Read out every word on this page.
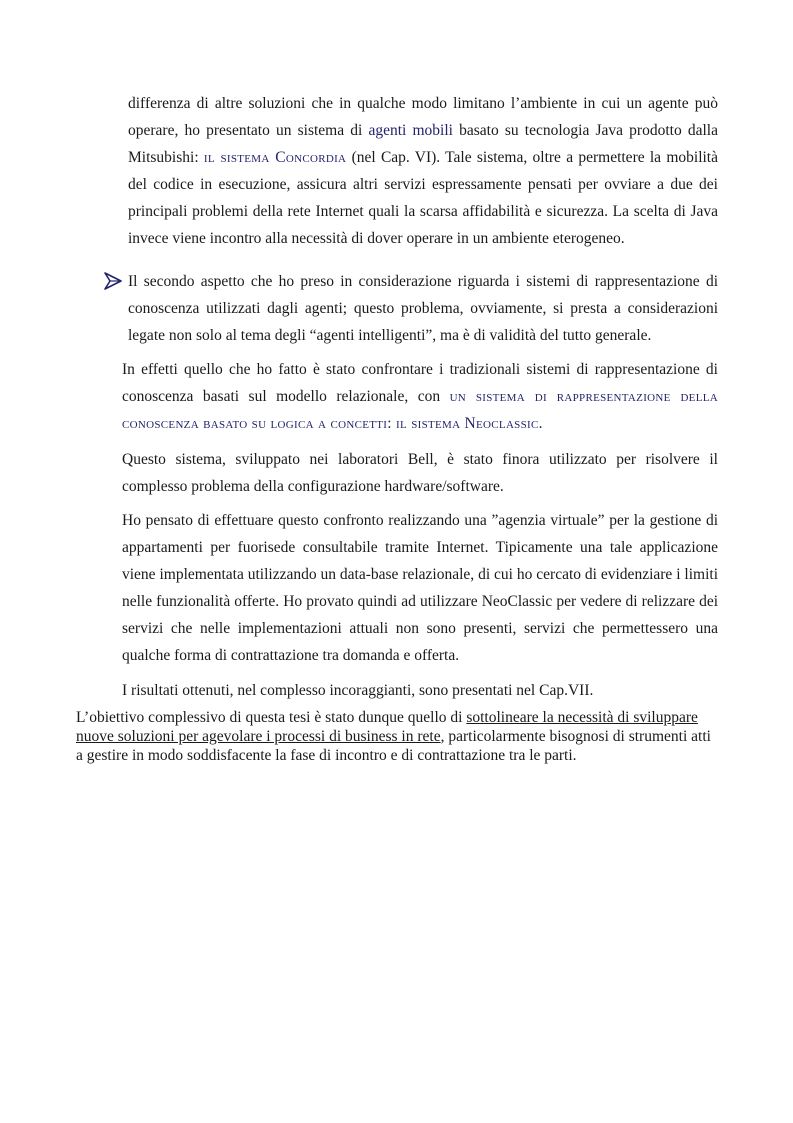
differenza di altre soluzioni che in qualche modo limitano l’ambiente in cui un agente può operare, ho presentato un sistema di agenti mobili basato su tecnologia Java prodotto dalla Mitsubishi: il sistema Concordia (nel Cap. VI). Tale sistema, oltre a permettere la mobilità del codice in esecuzione, assicura altri servizi espressamente pensati per ovviare a due dei principali problemi della rete Internet quali la scarsa affidabilità e sicurezza. La scelta di Java invece viene incontro alla necessità di dover operare in un ambiente eterogeneo.
Il secondo aspetto che ho preso in considerazione riguarda i sistemi di rappresentazione di conoscenza utilizzati dagli agenti; questo problema, ovviamente, si presta a considerazioni legate non solo al tema degli “agenti intelligenti”, ma è di validità del tutto generale.
In effetti quello che ho fatto è stato confrontare i tradizionali sistemi di rappresentazione di conoscenza basati sul modello relazionale, con un sistema di rappresentazione della conoscenza basato su logica a concetti: il sistema Neoclassic.
Questo sistema, sviluppato nei laboratori Bell, è stato finora utilizzato per risolvere il complesso problema della configurazione hardware/software.
Ho pensato di effettuare questo confronto realizzando una ”agenzia virtuale” per la gestione di appartamenti per fuorisede consultabile tramite Internet. Tipicamente una tale applicazione viene implementata utilizzando un data-base relazionale, di cui ho cercato di evidenziare i limiti nelle funzionalità offerte. Ho provato quindi ad utilizzare NeoClassic per vedere di relizzare dei servizi che nelle implementazioni attuali non sono presenti, servizi che permettessero una qualche forma di contrattazione tra domanda e offerta.
I risultati ottenuti, nel complesso incoraggianti, sono presentati nel Cap.VII.
L’obiettivo complessivo di questa tesi è stato dunque quello di sottolineare la necessità di sviluppare nuove soluzioni per agevolare i processi di business in rete, particolarmente bisognosi di strumenti atti a gestire in modo soddisfacente la fase di incontro e di contrattazione tra le parti.
